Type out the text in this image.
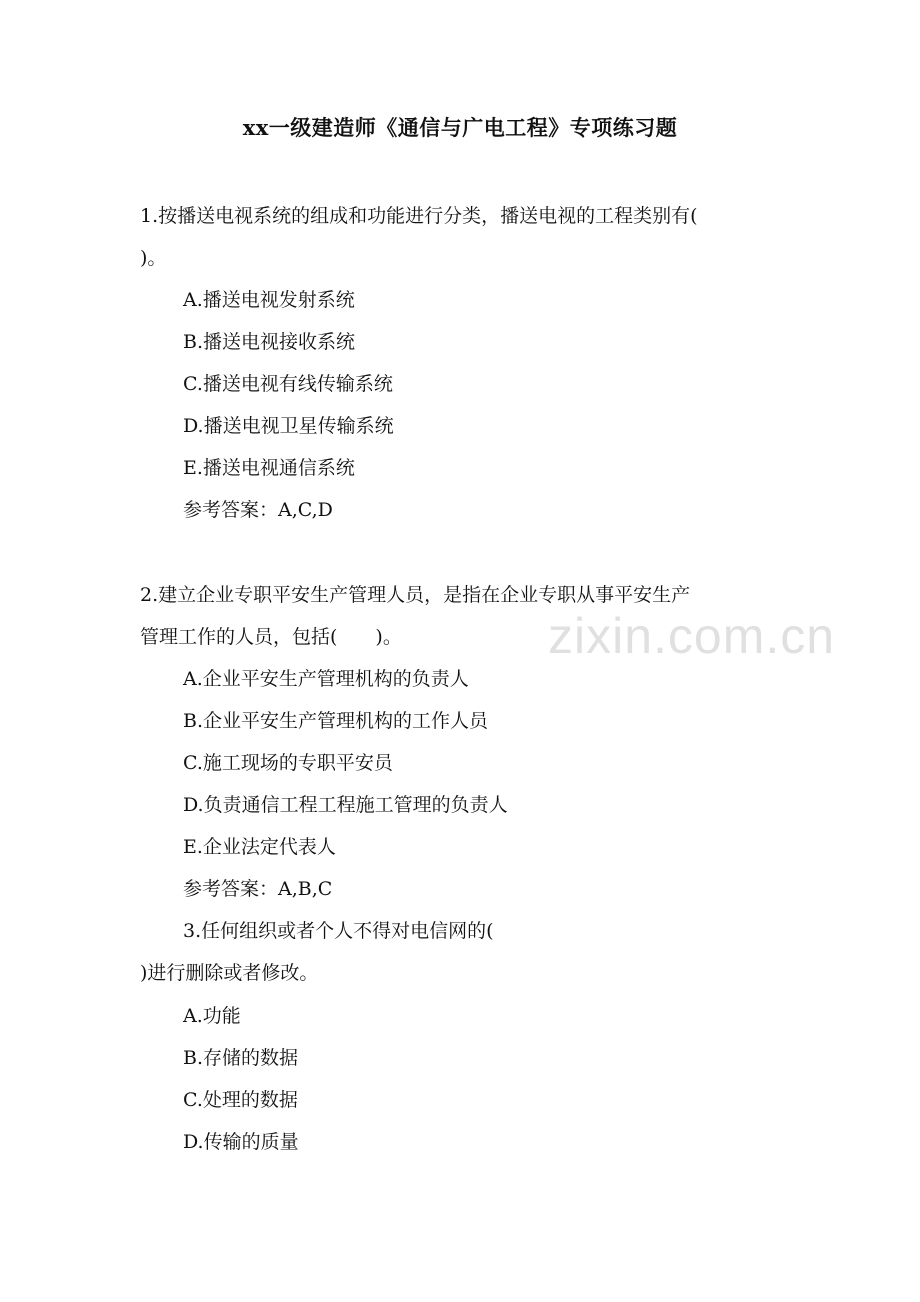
xx一级建造师《通信与广电工程》专项练习题
1.按播送电视系统的组成和功能进行分类，播送电视的工程类别有(
)。
A.播送电视发射系统
B.播送电视接收系统
C.播送电视有线传输系统
D.播送电视卫星传输系统
E.播送电视通信系统
参考答案：A,C,D
2.建立企业专职平安生产管理人员，是指在企业专职从事平安生产
管理工作的人员，包括(　　)。
A.企业平安生产管理机构的负责人
B.企业平安生产管理机构的工作人员
C.施工现场的专职平安员
D.负责通信工程工程施工管理的负责人
E.企业法定代表人
参考答案：A,B,C
3.任何组织或者个人不得对电信网的(
)进行删除或者修改。
A.功能
B.存储的数据
C.处理的数据
D.传输的质量
zixin.com.cn
